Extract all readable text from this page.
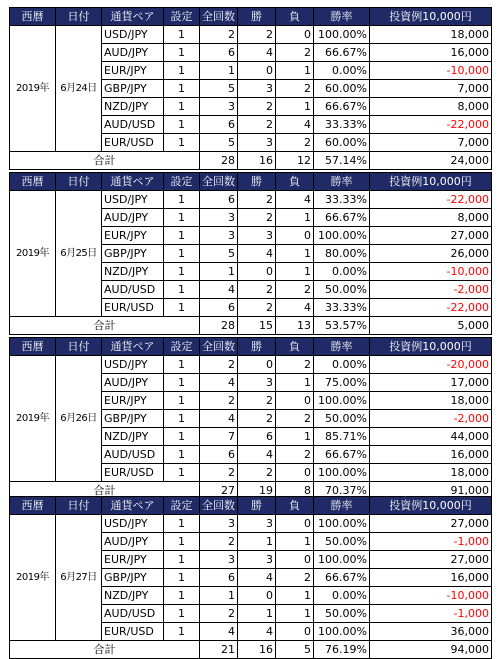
西暦	日付	通貨ペア	設定	全回数	勝	負	勝率	投資例10,000円
2019年	6月24日	USD/JPY	1	2	2	0	100.00%	18,000
		AUD/JPY	1	6	4	2	66.67%	16,000
		EUR/JPY	1	1	0	1	0.00%	-10,000
		GBP/JPY	1	5	3	2	60.00%	7,000
		NZD/JPY	1	3	2	1	66.67%	8,000
		AUD/USD	1	6	2	4	33.33%	-22,000
		EUR/USD	1	5	3	2	60.00%	7,000
合計				28	16	12	57.14%	24,000
西暦	日付	通貨ペア	設定	全回数	勝	負	勝率	投資例10,000円
2019年	6月25日	USD/JPY	1	6	2	4	33.33%	-22,000
		AUD/JPY	1	3	2	1	66.67%	8,000
		EUR/JPY	1	3	3	0	100.00%	27,000
		GBP/JPY	1	5	4	1	80.00%	26,000
		NZD/JPY	1	1	0	1	0.00%	-10,000
		AUD/USD	1	4	2	2	50.00%	-2,000
		EUR/USD	1	6	2	4	33.33%	-22,000
合計				28	15	13	53.57%	5,000
西暦	日付	通貨ペア	設定	全回数	勝	負	勝率	投資例10,000円
2019年	6月26日	USD/JPY	1	2	0	2	0.00%	-20,000
		AUD/JPY	1	4	3	1	75.00%	17,000
		EUR/JPY	1	2	2	0	100.00%	18,000
		GBP/JPY	1	4	2	2	50.00%	-2,000
		NZD/JPY	1	7	6	1	85.71%	44,000
		AUD/USD	1	6	4	2	66.67%	16,000
		EUR/USD	1	2	2	0	100.00%	18,000
合計				27	19	8	70.37%	91,000
西暦	日付	通貨ペア	設定	全回数	勝	負	勝率	投資例10,000円
2019年	6月27日	USD/JPY	1	3	3	0	100.00%	27,000
		AUD/JPY	1	2	1	1	50.00%	-1,000
		EUR/JPY	1	3	3	0	100.00%	27,000
		GBP/JPY	1	6	4	2	66.67%	16,000
		NZD/JPY	1	1	0	1	0.00%	-10,000
		AUD/USD	1	2	1	1	50.00%	-1,000
		EUR/USD	1	4	4	0	100.00%	36,000
合計				21	16	5	76.19%	94,000
